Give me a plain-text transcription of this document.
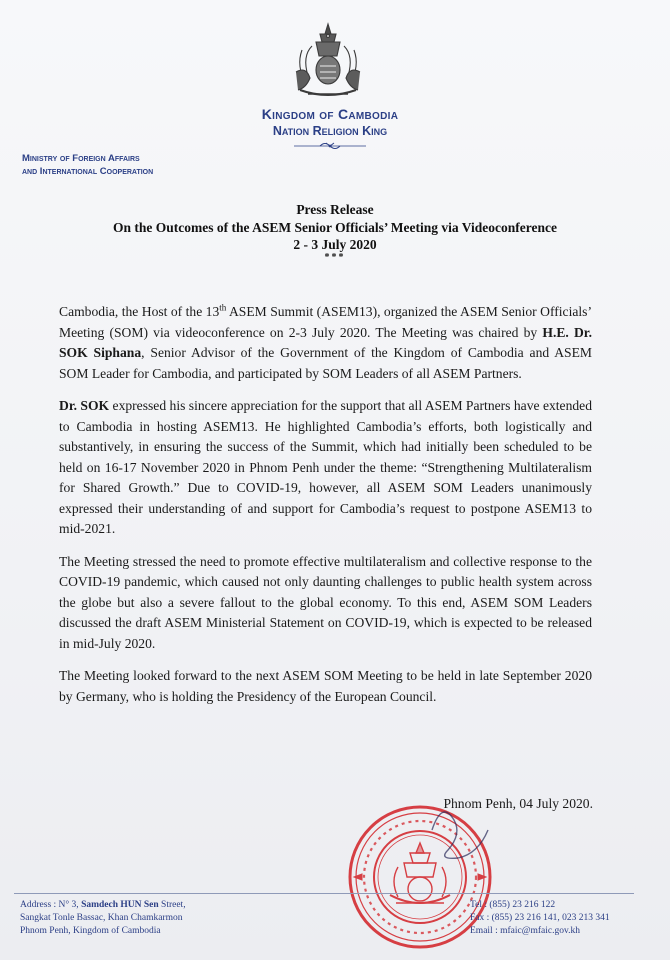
Kingdom of Cambodia
Nation Religion King
Ministry of Foreign Affairs
and International Cooperation
Press Release
On the Outcomes of the ASEM Senior Officials’ Meeting via Videoconference
2 - 3 July 2020
***

Cambodia, the Host of the 13th ASEM Summit (ASEM13), organized the ASEM Senior Officials’ Meeting (SOM) via videoconference on 2-3 July 2020. The Meeting was chaired by H.E. Dr. SOK Siphana, Senior Advisor of the Government of the Kingdom of Cambodia and ASEM SOM Leader for Cambodia, and participated by SOM Leaders of all ASEM Partners.

Dr. SOK expressed his sincere appreciation for the support that all ASEM Partners have extended to Cambodia in hosting ASEM13. He highlighted Cambodia’s efforts, both logistically and substantively, in ensuring the success of the Summit, which had initially been scheduled to be held on 16-17 November 2020 in Phnom Penh under the theme: “Strengthening Multilateralism for Shared Growth.” Due to COVID-19, however, all ASEM SOM Leaders unanimously expressed their understanding of and support for Cambodia’s request to postpone ASEM13 to mid-2021.

The Meeting stressed the need to promote effective multilateralism and collective response to the COVID-19 pandemic, which caused not only daunting challenges to public health system across the globe but also a severe fallout to the global economy. To this end, ASEM SOM Leaders discussed the draft ASEM Ministerial Statement on COVID-19, which is expected to be released in mid-July 2020.

The Meeting looked forward to the next ASEM SOM Meeting to be held in late September 2020 by Germany, who is holding the Presidency of the European Council.

Phnom Penh, 04 July 2020.
Address : N° 3, Samdech HUN Sen Street,
Sangkat Tonle Bassac, Khan Chamkarmon
Phnom Penh, Kingdom of Cambodia
Tel : (855) 23 216 122
Fax : (855) 23 216 141, 023 213 341
Email : mfaic@mfaic.gov.kh
